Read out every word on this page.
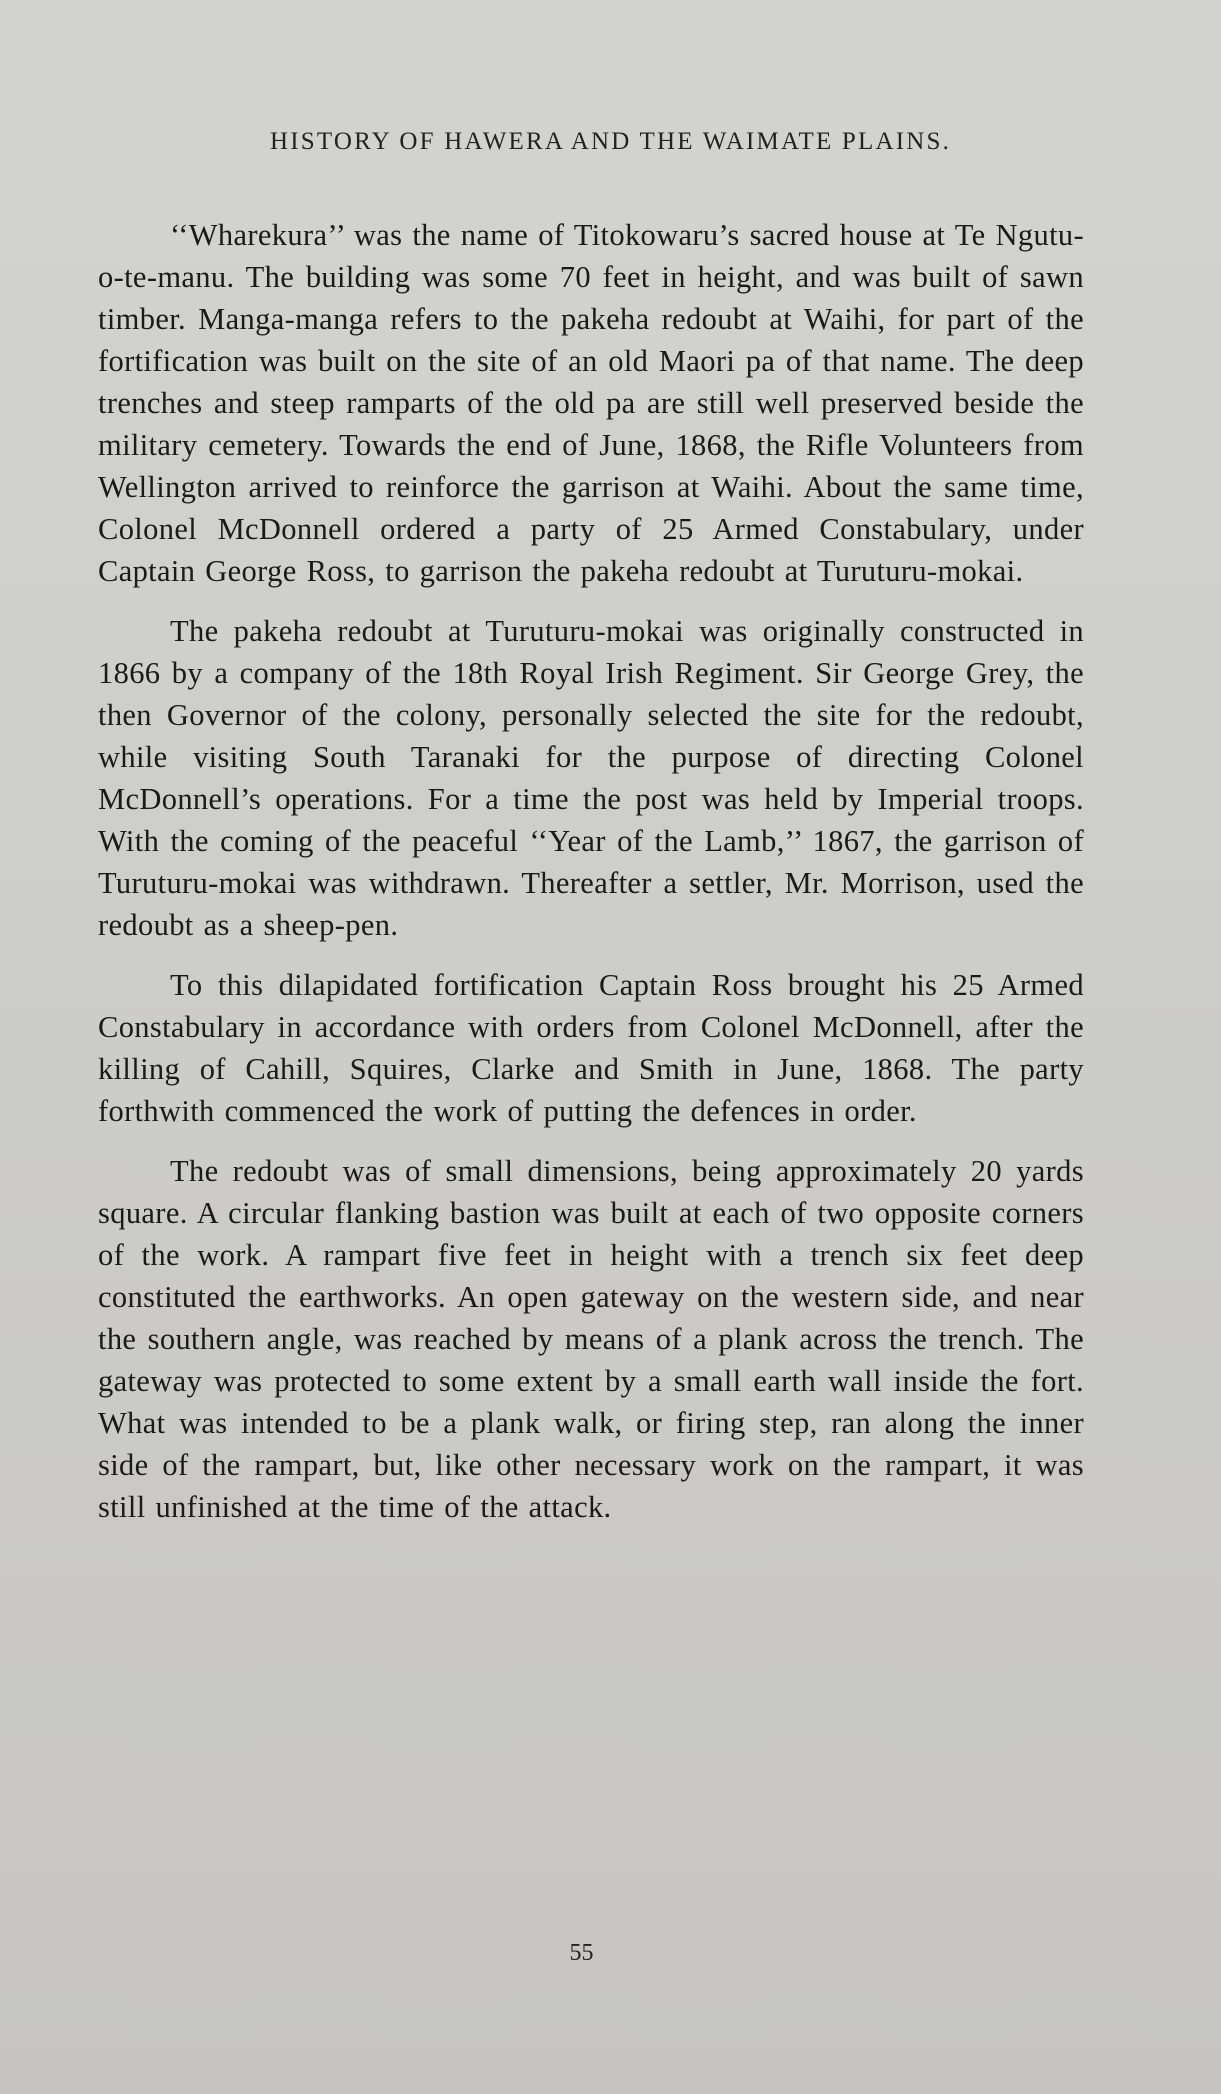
HISTORY OF HAWERA AND THE WAIMATE PLAINS.

‘‘Wharekura’’ was the name of Titokowaru’s sacred house at Te Ngutu-o-te-manu. The building was some 70 feet in height, and was built of sawn timber. Manga-manga refers to the pakeha redoubt at Waihi, for part of the fortification was built on the site of an old Maori pa of that name. The deep trenches and steep ramparts of the old pa are still well preserved beside the military cemetery. Towards the end of June, 1868, the Rifle Volunteers from Wellington arrived to reinforce the garrison at Waihi. About the same time, Colonel McDonnell ordered a party of 25 Armed Constabulary, under Captain George Ross, to garrison the pakeha redoubt at Turuturu-mokai.

The pakeha redoubt at Turuturu-mokai was originally constructed in 1866 by a company of the 18th Royal Irish Regiment. Sir George Grey, the then Governor of the colony, personally selected the site for the redoubt, while visiting South Taranaki for the purpose of directing Colonel McDonnell’s operations. For a time the post was held by Imperial troops. With the coming of the peaceful ‘‘Year of the Lamb,’’ 1867, the garrison of Turuturu-mokai was withdrawn. Thereafter a settler, Mr. Morrison, used the redoubt as a sheep-pen.

To this dilapidated fortification Captain Ross brought his 25 Armed Constabulary in accordance with orders from Colonel McDonnell, after the killing of Cahill, Squires, Clarke and Smith in June, 1868. The party forthwith commenced the work of putting the defences in order.

The redoubt was of small dimensions, being approximately 20 yards square. A circular flanking bastion was built at each of two opposite corners of the work. A rampart five feet in height with a trench six feet deep constituted the earthworks. An open gateway on the western side, and near the southern angle, was reached by means of a plank across the trench. The gateway was protected to some extent by a small earth wall inside the fort. What was intended to be a plank walk, or firing step, ran along the inner side of the rampart, but, like other necessary work on the rampart, it was still unfinished at the time of the attack.

55
